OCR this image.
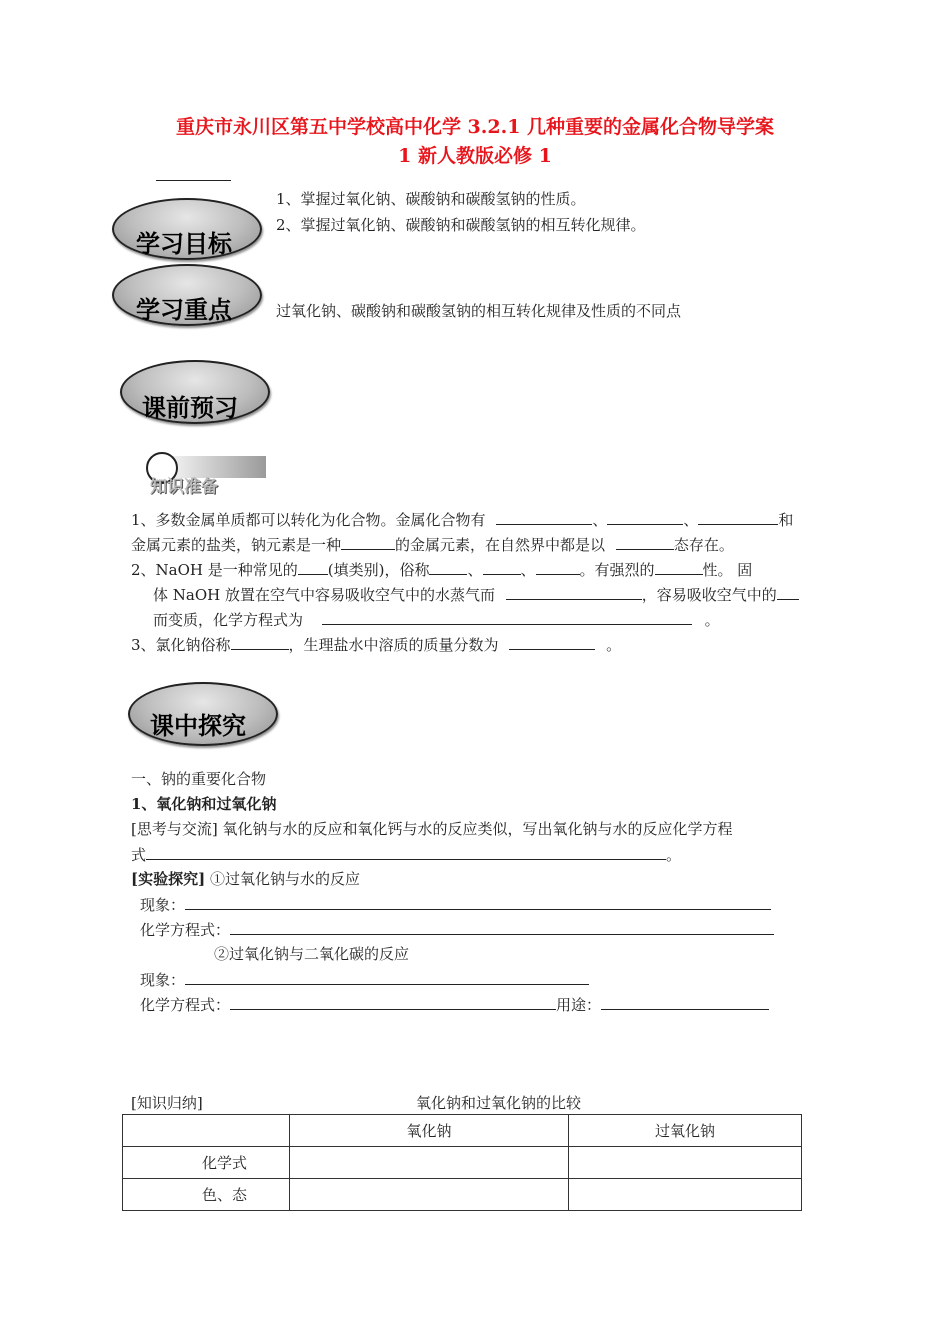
重庆市永川区第五中学校高中化学 3.2.1 几种重要的金属化合物导学案
1 新人教版必修 1
学习目标
1、掌握过氧化钠、碳酸钠和碳酸氢钠的性质。
2、掌握过氧化钠、碳酸钠和碳酸氢钠的相互转化规律。
学习重点	过氧化钠、碳酸钠和碳酸氢钠的相互转化规律及性质的不同点
课前预习
知识准备
1、多数金属单质都可以转化为化合物。金属化合物有	、	、	和
金属元素的盐类，钠元素是一种	的金属元素，在自然界中都是以	态存在。
2、NaOH 是一种常见的 (填类别)，俗称	、	、	。有强烈的	性。 固
体 NaOH 放置在空气中容易吸收空气中的水蒸气而	，容易吸收空气中的
而变质，化学方程式为	。
3、氯化钠俗称	，生理盐水中溶质的质量分数为	。
课中探究
一、钠的重要化合物
1、氧化钠和过氧化钠
[思考与交流] 氧化钠与水的反应和氧化钙与水的反应类似，写出氧化钠与水的反应化学方程
式	。
[实验探究] ①过氧化钠与水的反应
现象：
化学方程式：
②过氧化钠与二氧化碳的反应
现象：
化学方程式：	用途：
[知识归纳]	氧化钠和过氧化钠的比较
	氧化钠	过氧化钠
化学式		
色、态		
